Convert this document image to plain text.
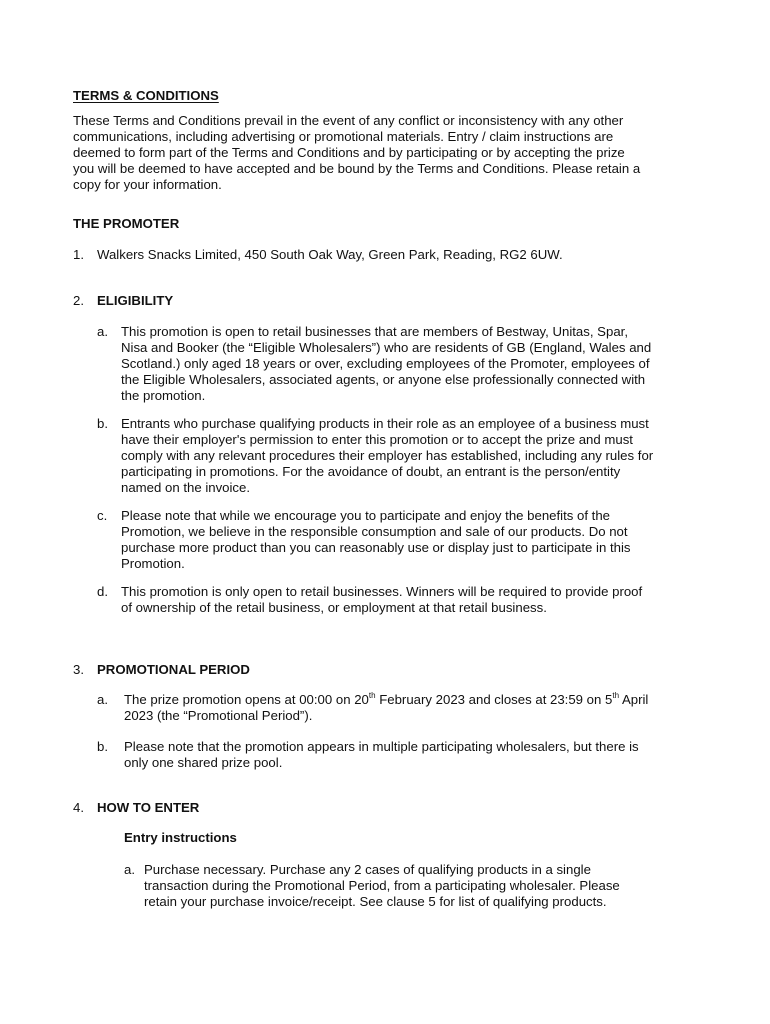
TERMS & CONDITIONS
These Terms and Conditions prevail in the event of any conflict or inconsistency with any other
communications, including advertising or promotional materials. Entry / claim instructions are
deemed to form part of the Terms and Conditions and by participating or by accepting the prize
you will be deemed to have accepted and be bound by the Terms and Conditions. Please retain a
copy for your information.
THE PROMOTER
1. Walkers Snacks Limited, 450 South Oak Way, Green Park, Reading, RG2 6UW.
2. ELIGIBILITY
a. This promotion is open to retail businesses that are members of Bestway, Unitas, Spar,
Nisa and Booker (the “Eligible Wholesalers”) who are residents of GB (England, Wales and
Scotland.) only aged 18 years or over, excluding employees of the Promoter, employees of
the Eligible Wholesalers, associated agents, or anyone else professionally connected with
the promotion.
b. Entrants who purchase qualifying products in their role as an employee of a business must
have their employer's permission to enter this promotion or to accept the prize and must
comply with any relevant procedures their employer has established, including any rules for
participating in promotions. For the avoidance of doubt, an entrant is the person/entity
named on the invoice.
c. Please note that while we encourage you to participate and enjoy the benefits of the
Promotion, we believe in the responsible consumption and sale of our products. Do not
purchase more product than you can reasonably use or display just to participate in this
Promotion.
d. This promotion is only open to retail businesses. Winners will be required to provide proof
of ownership of the retail business, or employment at that retail business.
3. PROMOTIONAL PERIOD
a. The prize promotion opens at 00:00 on 20th February 2023 and closes at 23:59 on 5th April
2023 (the “Promotional Period”).
b. Please note that the promotion appears in multiple participating wholesalers, but there is
only one shared prize pool.
4. HOW TO ENTER
Entry instructions
a. Purchase necessary. Purchase any 2 cases of qualifying products in a single
transaction during the Promotional Period, from a participating wholesaler. Please
retain your purchase invoice/receipt. See clause 5 for list of qualifying products.
